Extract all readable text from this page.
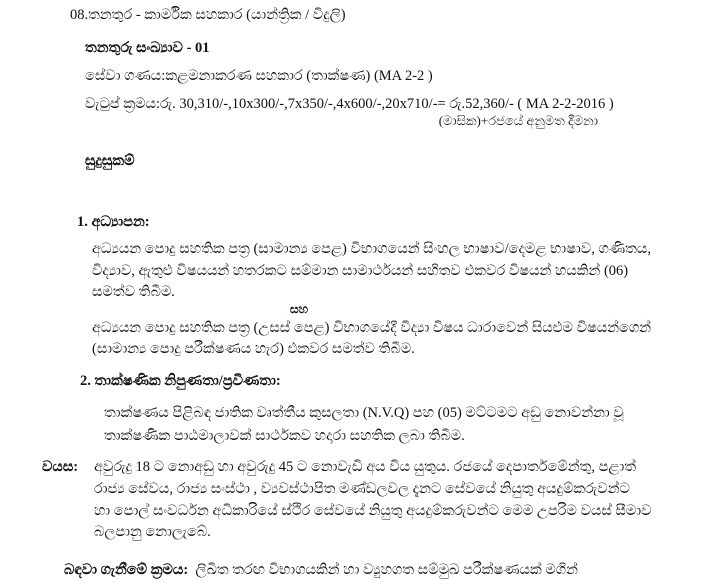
08.තනතුර - කාර්මික සහකාර (යාන්ත්‍රික / විදුලි)
තනතුරු සංඛ්‍යාව - 01
සේවා ගණය:කළමනාකරණ සහකාර (තාක්ෂණ) (MA 2-2 )
වැටුප් ක්‍රමය:රු. 30,310/-,10x300/-,7x350/-,4x600/-,20x710/-= රු.52,360/- ( MA 2-2-2016 )
(මාසික)+රජයේ අනුමත දීමනා
සුදුසුකම්
1. අධ්‍යාපන:
අධ්‍යයන පොදු සහතික පත්‍ර (සාමාන්‍ය පෙළ) විභාගයෙන් සිංහල භාෂාව/දෙමළ භාෂාව, ගණිතය,
විද්‍යාව, ඇතුළු විෂයයන් හතරකට සම්මාන සාමාර්ථයන් සහිතව එකවර විෂයන් හයකින් (06)
සමත්ව තිබීම.
සහ
අධ්‍යයන පොදු සහතික පත්‍ර (උසස් පෙළ) විභාගයේදී විද්‍යා විෂය ධාරාවෙන් සියළුම විෂයන්ගෙන්
(සාමාන්‍ය පොදු පරීක්ෂණය හැර) එකවර සමත්ව තිබීම.
2. තාක්ෂණික නිපුණතා/ප්‍රවීණතා:
තාක්ෂණය පිළිබඳ ජාතික වෘත්තීය කුසලතා (N.V.Q) පහ (05) මට්ටමට අඩු නොවන්නා වූ
තාක්ෂණික පාඨමාලාවක් සාර්ථකව හදාරා සහතික ලබා තිබීම.
වයස: අවුරුදු 18 ට නොඅඩු හා අවුරුදු 45 ට නොවැඩි අය විය යුතුය. රජයේ දෙපාර්තමේන්තු, පළාත්
රාජ්‍ය සේවය, රාජ්‍ය සංස්ථා , ව්‍යවස්ථාපිත මණ්ඩලවල දැනට සේවයේ නියුතු අයදුම්කරුවන්ට
හා පොල් සංවර්ධන අධිකාරියේ ස්ථිර සේවයේ නියුතු අයදුම්කරුවන්ට මෙම උපරිම වයස් සීමාව
බලපානු නොලැබේ.
බඳවා ගැනීමේ ක්‍රමය: ලිඛිත තරඟ විභාගයකින් හා ව්‍යුහගත සම්මුඛ පරීක්ෂණයක් මගින්
